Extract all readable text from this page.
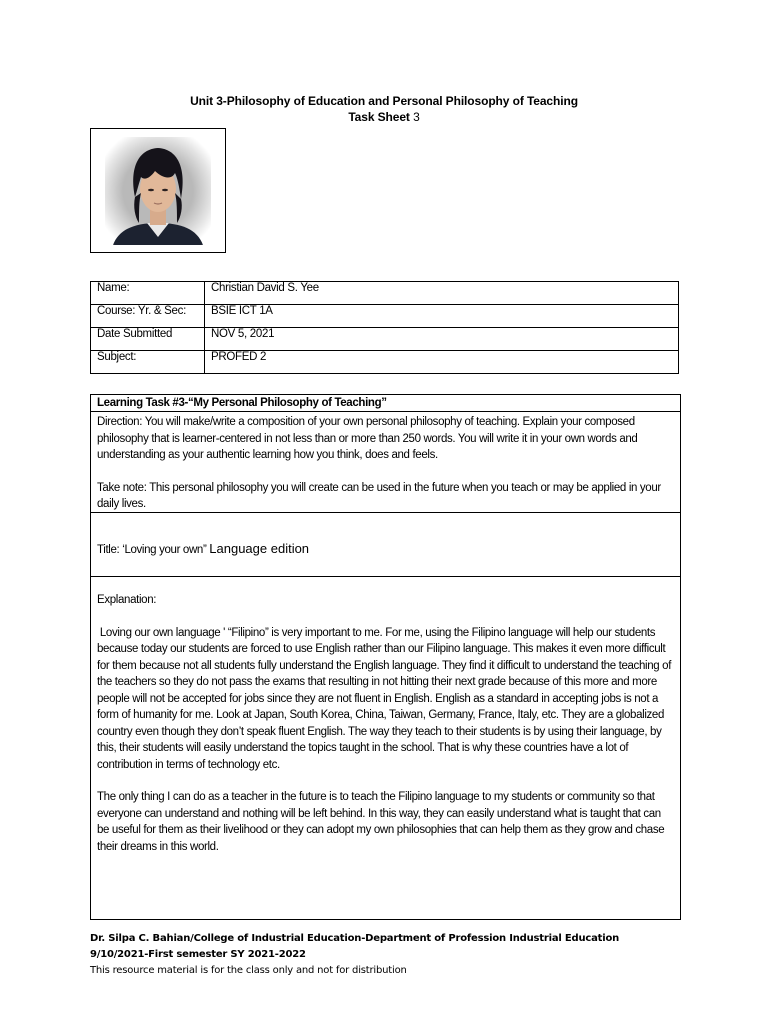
Unit 3-Philosophy of Education and Personal Philosophy of Teaching
Task Sheet 3
Name:	Christian David S. Yee
Course: Yr. & Sec:	BSIE ICT 1A
Date Submitted	NOV 5, 2021
Subject:	PROFED 2
Learning Task #3-“My Personal Philosophy of Teaching”

Direction: You will make/write a composition of your own personal philosophy of teaching. Explain your composed philosophy that is learner-centered in not less than or more than 250 words. You will write it in your own words and understanding as your authentic learning how you think, does and feels.

Take note: This personal philosophy you will create can be used in the future when you teach or may be applied in your daily lives.

Title: ‘Loving your own” Language edition

Explanation:

Loving our own language ' “Filipino” is very important to me. For me, using the Filipino language will help our students because today our students are forced to use English rather than our Filipino language. This makes it even more difficult for them because not all students fully understand the English language. They find it difficult to understand the teaching of the teachers so they do not pass the exams that resulting in not hitting their next grade because of this more and more people will not be accepted for jobs since they are not fluent in English. English as a standard in accepting jobs is not a form of humanity for me. Look at Japan, South Korea, China, Taiwan, Germany, France, Italy, etc. They are a globalized country even though they don’t speak fluent English. The way they teach to their students is by using their language, by this, their students will easily understand the topics taught in the school. That is why these countries have a lot of contribution in terms of technology etc.

The only thing I can do as a teacher in the future is to teach the Filipino language to my students or community so that everyone can understand and nothing will be left behind. In this way, they can easily understand what is taught that can be useful for them as their livelihood or they can adopt my own philosophies that can help them as they grow and chase their dreams in this world.

Dr. Silpa C. Bahian/College of Industrial Education-Department of Profession Industrial Education
9/10/2021-First semester SY 2021-2022
This resource material is for the class only and not for distribution
